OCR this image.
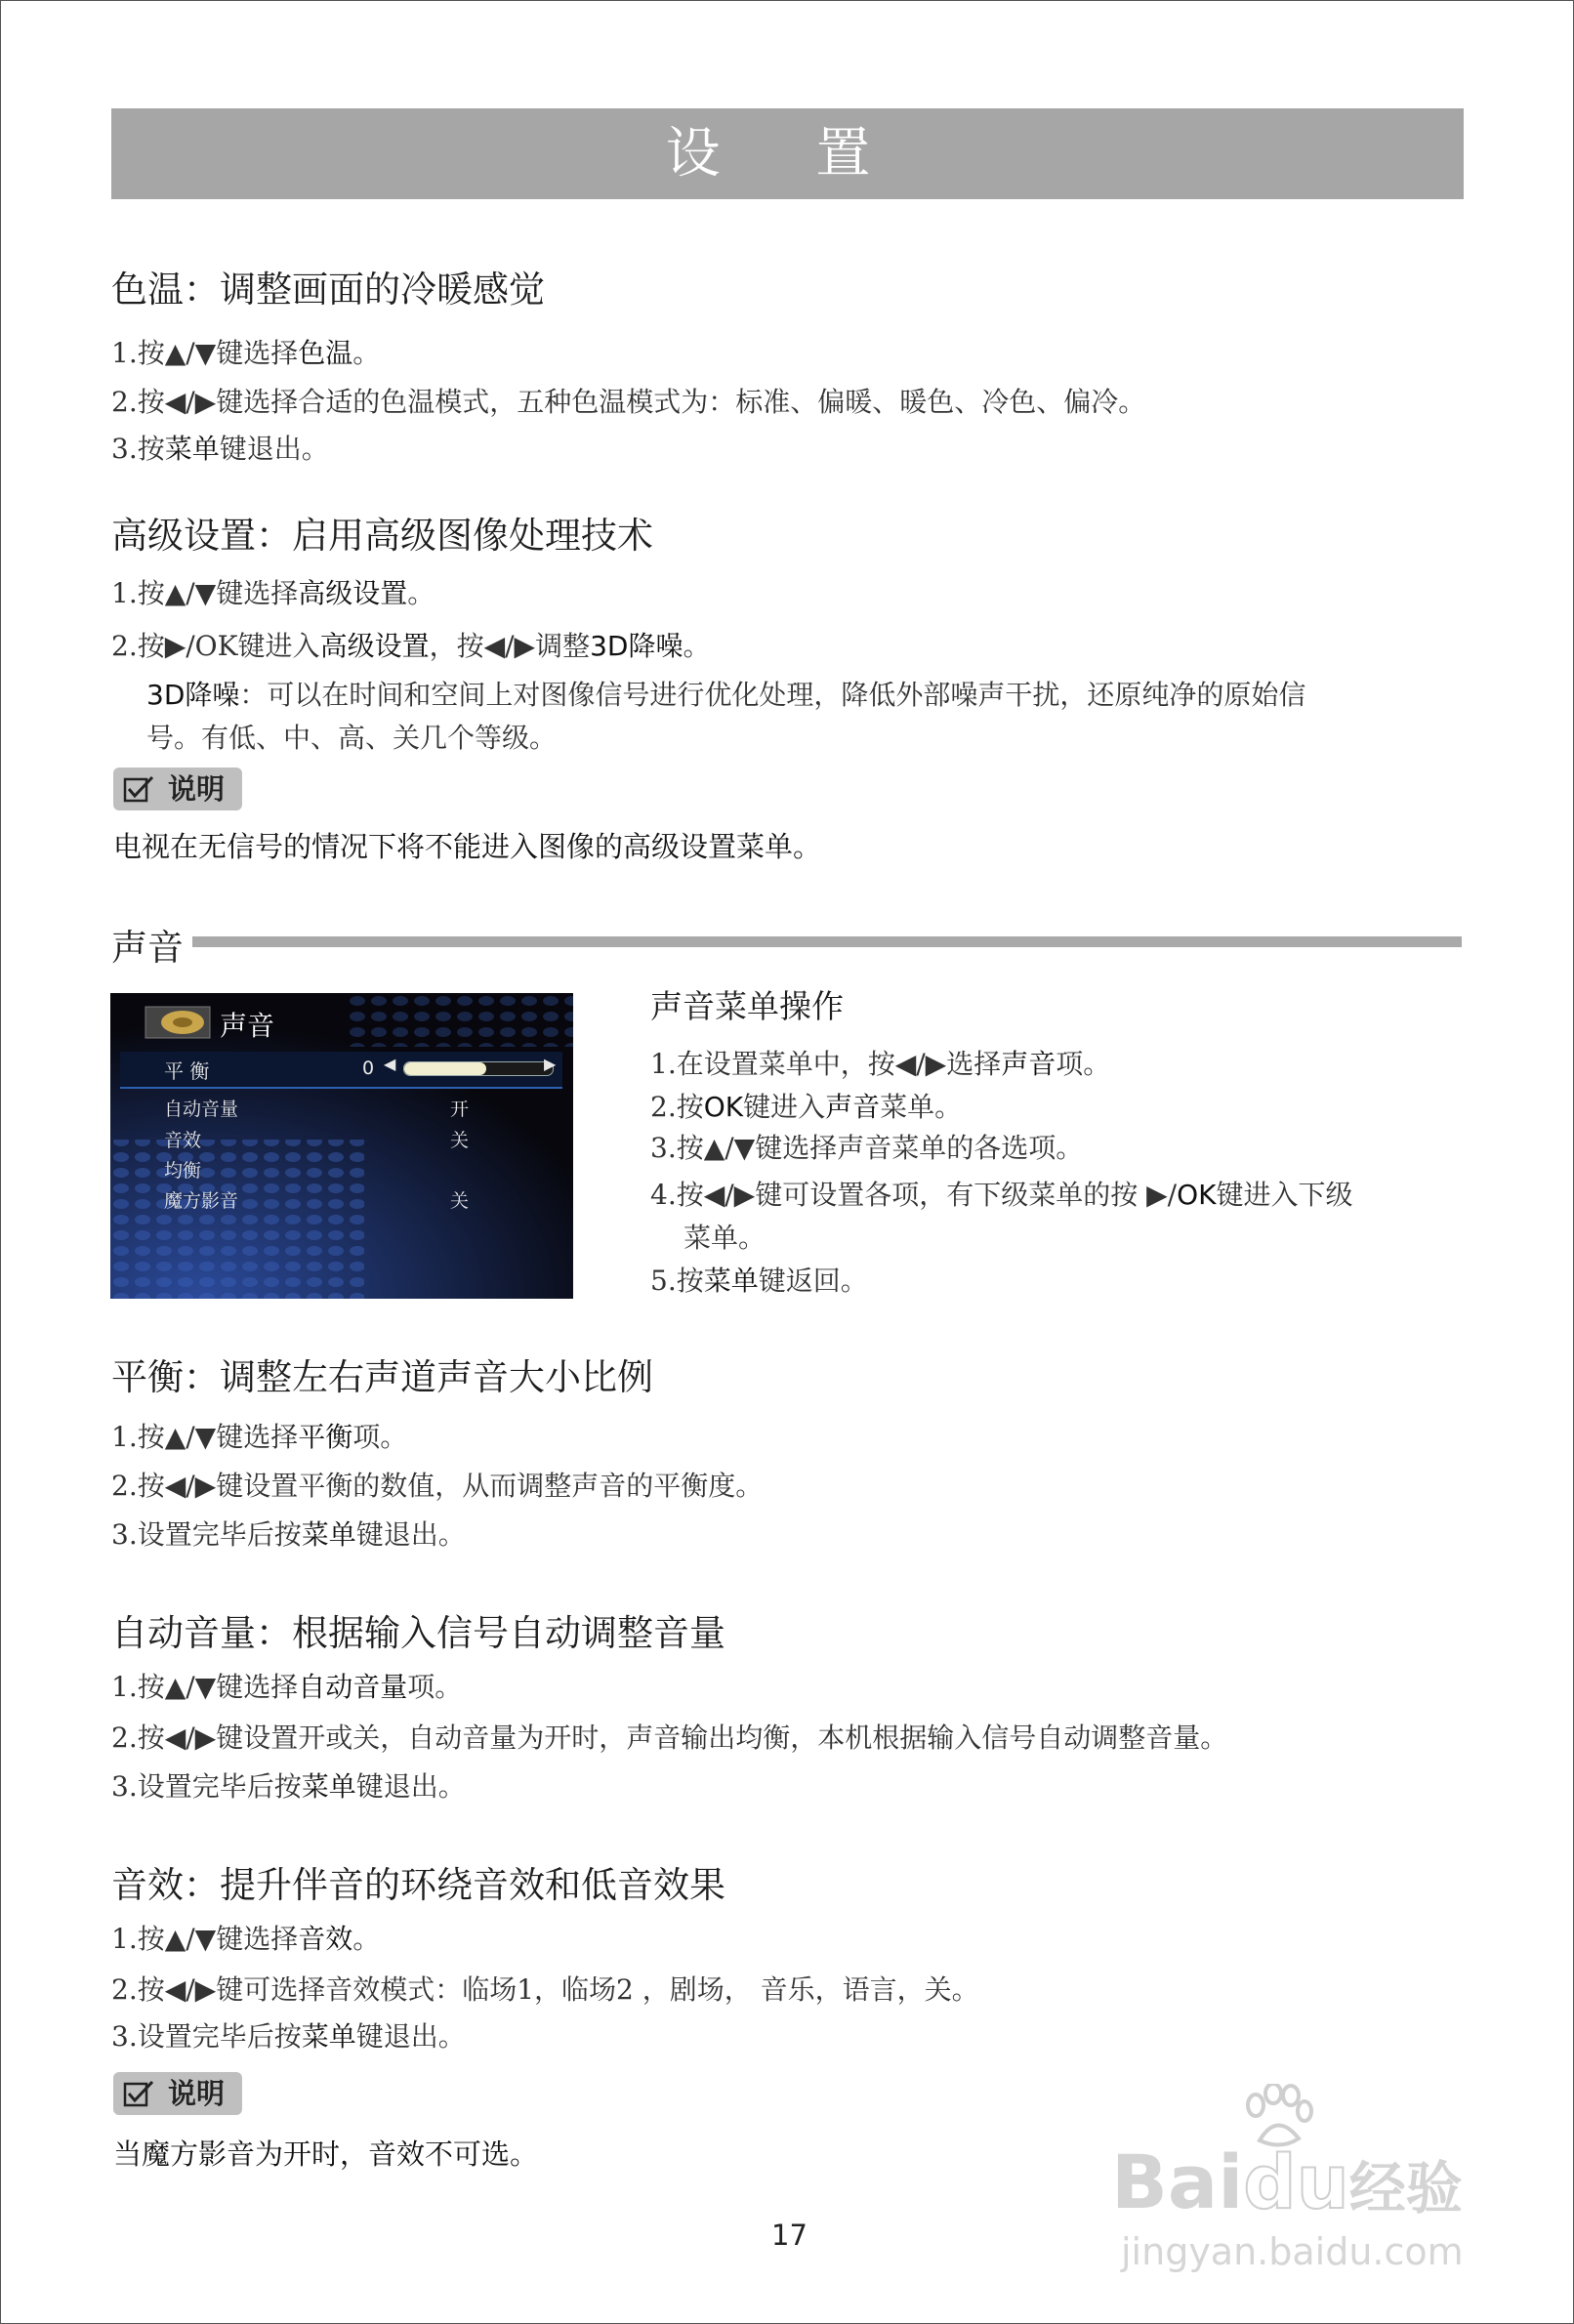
设 置
色温：调整画面的冷暖感觉
1.按▲/▼键选择色温。
2.按◀/▶键选择合适的色温模式，五种色温模式为：标准、偏暖、暖色、冷色、偏冷。
3.按菜单键退出。
高级设置：启用高级图像处理技术
1.按▲/▼键选择高级设置。
2.按▶/OK键进入高级设置，按◀/▶调整3D降噪。
3D降噪：可以在时间和空间上对图像信号进行优化处理，降低外部噪声干扰，还原纯净的原始信
号。有低、中、高、关几个等级。
说明
电视在无信号的情况下将不能进入图像的高级设置菜单。
声音
声音
平 衡	0 ◀	▶
自动音量	开
音效	关
均衡
魔方影音	关
声音菜单操作
1.在设置菜单中，按◀/▶选择声音项。
2.按OK键进入声音菜单。
3.按▲/▼键选择声音菜单的各选项。
4.按◀/▶键可设置各项，有下级菜单的按 ▶/OK键进入下级
菜单。
5.按菜单键返回。
平衡：调整左右声道声音大小比例
1.按▲/▼键选择平衡项。
2.按◀/▶键设置平衡的数值，从而调整声音的平衡度。
3.设置完毕后按菜单键退出。
自动音量：根据输入信号自动调整音量
1.按▲/▼键选择自动音量项。
2.按◀/▶键设置开或关，自动音量为开时，声音输出均衡，本机根据输入信号自动调整音量。
3.设置完毕后按菜单键退出。
音效：提升伴音的环绕音效和低音效果
1.按▲/▼键选择音效。
2.按◀/▶键可选择音效模式：临场1，临场2 ，剧场， 音乐，语言，关。
3.设置完毕后按菜单键退出。
说明
当魔方影音为开时，音效不可选。
17
Baidu经验
jingyan.baidu.com
